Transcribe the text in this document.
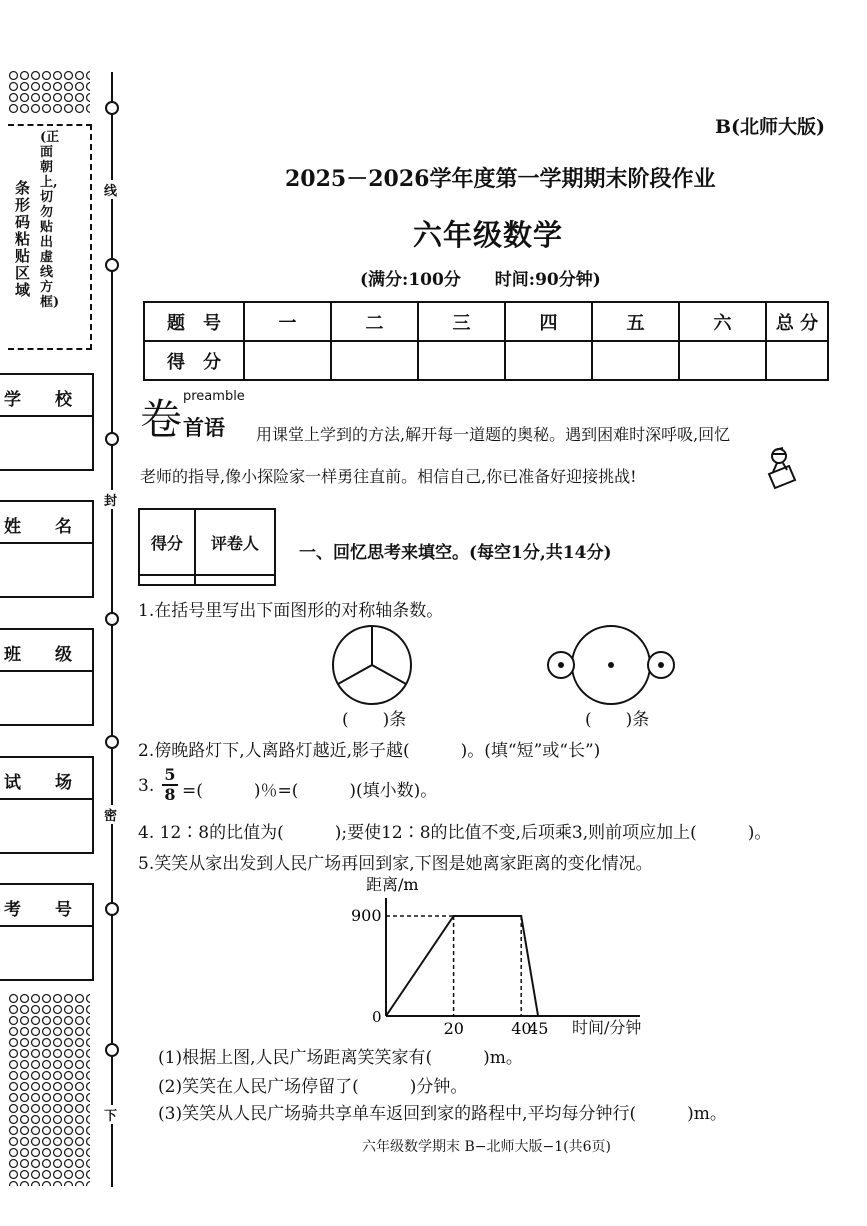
条形码粘贴区域
(正面朝上,切勿贴出虚线方框)
学　　校
姓　　名
班　　级
试　　场
考　　号
线
封
密
下
B(北师大版)
2025－2026学年度第一学期期末阶段作业
六年级数学
(满分:100分　　时间:90分钟)
题　号	一	二	三	四	五	六	总 分
得　分							
preamble
卷 首语 用课堂上学到的方法,解开每一道题的奥秘。遇到困难时深呼吸,回忆
老师的指导,像小探险家一样勇往直前。相信自己,你已准备好迎接挑战!
得分	评卷人
	一、回忆思考来填空。(每空1分,共14分)
1.在括号里写出下面图形的对称轴条数。
(　　)条	(　　)条
2.傍晚路灯下,人离路灯越近,影子越(　　　)。(填“短”或“长”)
3. $\frac{5}{8}$ =(　　　)％=(　　　)(填小数)。
4. 12∶8的比值为(　　　);要使12∶8的比值不变,后项乘3,则前项应加上(　　　)。
5.笑笑从家出发到人民广场再回到家,下图是她离家距离的变化情况。
距离/m
0
900
20	40
45 时间/分钟
(1)根据上图,人民广场距离笑笑家有(　　　)m。
(2)笑笑在人民广场停留了(　　　)分钟。
(3)笑笑从人民广场骑共享单车返回到家的路程中,平均每分钟行(　　　)m。
六年级数学期末 B−北师大版−1(共6页)
